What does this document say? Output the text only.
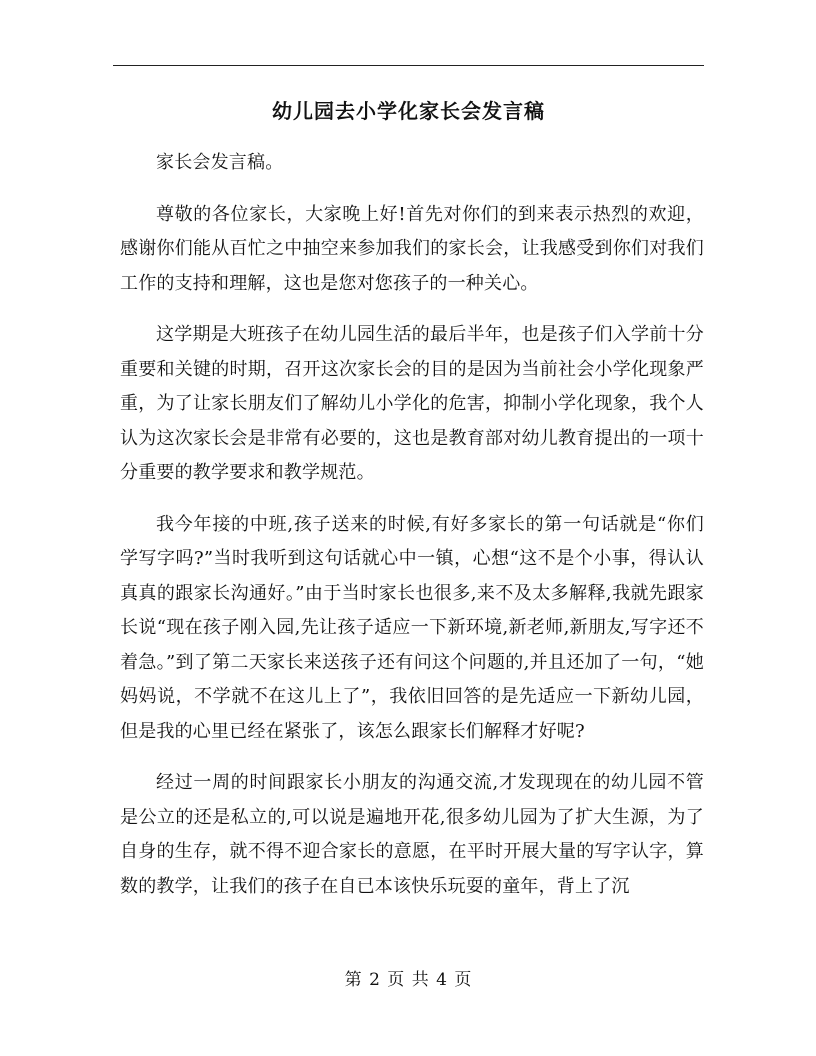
幼儿园去小学化家长会发言稿

家长会发言稿。

尊敬的各位家长，大家晚上好!首先对你们的到来表示热烈的欢迎，感谢你们能从百忙之中抽空来参加我们的家长会，让我感受到你们对我们工作的支持和理解，这也是您对您孩子的一种关心。

这学期是大班孩子在幼儿园生活的最后半年，也是孩子们入学前十分重要和关键的时期，召开这次家长会的目的是因为当前社会小学化现象严重，为了让家长朋友们了解幼儿小学化的危害，抑制小学化现象，我个人认为这次家长会是非常有必要的，这也是教育部对幼儿教育提出的一项十分重要的教学要求和教学规范。

我今年接的中班,孩子送来的时候,有好多家长的第一句话就是“你们学写字吗?”当时我听到这句话就心中一镇，心想“这不是个小事，得认认真真的跟家长沟通好。”由于当时家长也很多,来不及太多解释,我就先跟家长说“现在孩子刚入园,先让孩子适应一下新环境,新老师,新朋友,写字还不着急。”到了第二天家长来送孩子还有问这个问题的,并且还加了一句，“她妈妈说，不学就不在这儿上了”，我依旧回答的是先适应一下新幼儿园，但是我的心里已经在紧张了，该怎么跟家长们解释才好呢?

经过一周的时间跟家长小朋友的沟通交流,才发现现在的幼儿园不管是公立的还是私立的,可以说是遍地开花,很多幼儿园为了扩大生源，为了自身的生存，就不得不迎合家长的意愿，在平时开展大量的写字认字，算数的教学，让我们的孩子在自已本该快乐玩耍的童年，背上了沉

第 2 页 共 4 页
